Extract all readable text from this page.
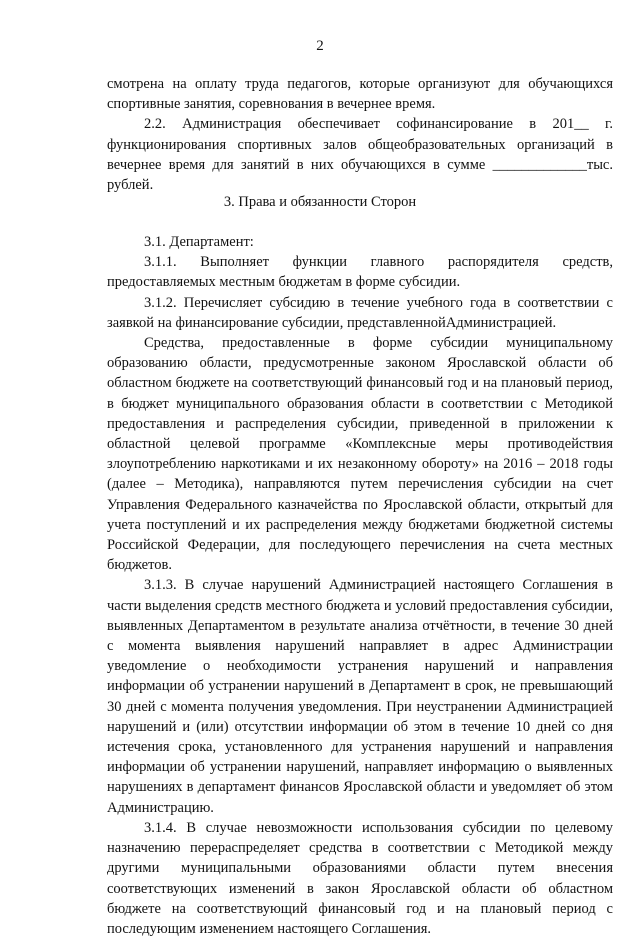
2

смотрена на оплату труда педагогов, которые организуют для обучающихся спортивные занятия, соревнования в вечернее время.

2.2. Администрация обеспечивает софинансирование в 201__ г. функционирования спортивных залов общеобразовательных организаций в вечернее время для занятий в них обучающихся в сумме _____________тыс. рублей.

3. Права и обязанности Сторон

3.1. Департамент:

3.1.1. Выполняет функции главного распорядителя средств, предоставляемых местным бюджетам в форме субсидии.

3.1.2. Перечисляет субсидию в течение учебного года в соответствии с заявкой на финансирование субсидии, представленнойАдминистрацией.

Средства, предоставленные в форме субсидии муниципальному образованию области, предусмотренные законом Ярославской области об областном бюджете на соответствующий финансовый год и на плановый период, в бюджет муниципального образования области в соответствии с Методикой предоставления и распределения субсидии, приведенной в приложении к областной целевой программе «Комплексные меры противодействия злоупотреблению наркотиками и их незаконному обороту» на 2016 – 2018 годы (далее – Методика), направляются путем перечисления субсидии на счет Управления Федерального казначейства по Ярославской области, открытый для учета поступлений и их распределения между бюджетами бюджетной системы Российской Федерации, для последующего перечисления на счета местных бюджетов.

3.1.3. В случае нарушений Администрацией настоящего Соглашения в части выделения средств местного бюджета и условий предоставления субсидии, выявленных Департаментом в результате анализа отчётности, в течение 30 дней с момента выявления нарушений направляет в адрес Администрации уведомление о необходимости устранения нарушений и направления информации об устранении нарушений в Департамент в срок, не превышающий 30 дней с момента получения уведомления. При неустранении Администрацией нарушений и (или) отсутствии информации об этом в течение 10 дней со дня истечения срока, установленного для устранения нарушений и направления информации об устранении нарушений, направляет информацию о выявленных нарушениях в департамент финансов Ярославской области и уведомляет об этом Администрацию.

3.1.4. В случае невозможности использования субсидии по целевому назначению перераспределяет средства в соответствии с Методикой между другими муниципальными образованиями области путем внесения соответствующих изменений в закон Ярославской области об областном бюджете на соответствующий финансовый год и на плановый период с последующим изменением настоящего Соглашения.
